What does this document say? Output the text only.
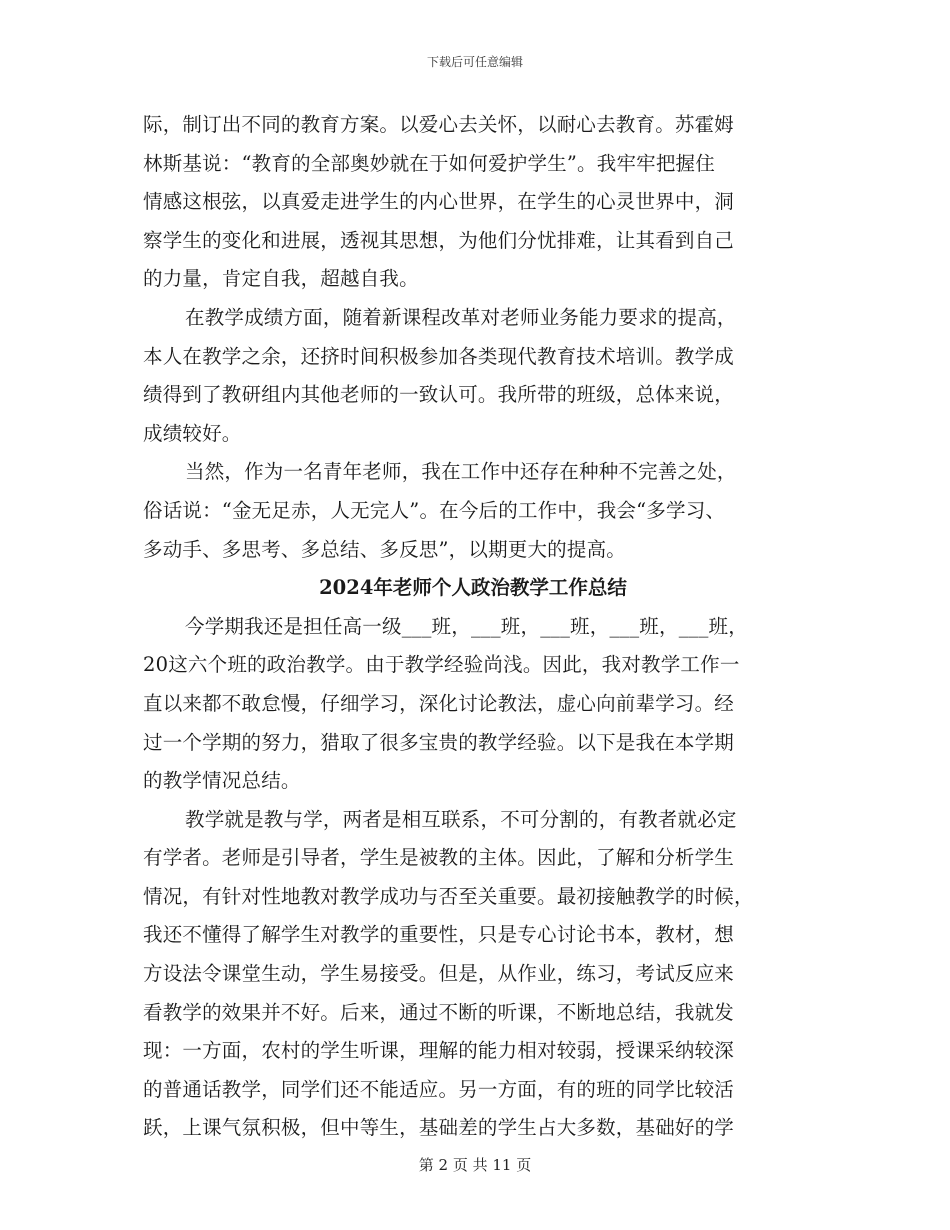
下载后可任意编辑
际，制订出不同的教育方案。以爱心去关怀，以耐心去教育。苏霍姆
林斯基说：“教育的全部奥妙就在于如何爱护学生”。我牢牢把握住
情感这根弦，以真爱走进学生的内心世界，在学生的心灵世界中，洞
察学生的变化和进展，透视其思想，为他们分忧排难，让其看到自己
的力量，肯定自我，超越自我。
在教学成绩方面，随着新课程改革对老师业务能力要求的提高，
本人在教学之余，还挤时间积极参加各类现代教育技术培训。教学成
绩得到了教研组内其他老师的一致认可。我所带的班级，总体来说，
成绩较好。
当然，作为一名青年老师，我在工作中还存在种种不完善之处，
俗话说：“金无足赤，人无完人”。在今后的工作中，我会“多学习、
多动手、多思考、多总结、多反思”，以期更大的提高。
2024年老师个人政治教学工作总结
今学期我还是担任高一级___班，___班，___班，___班，___班，
20这六个班的政治教学。由于教学经验尚浅。因此，我对教学工作一
直以来都不敢怠慢，仔细学习，深化讨论教法，虚心向前辈学习。经
过一个学期的努力，猎取了很多宝贵的教学经验。以下是我在本学期
的教学情况总结。
教学就是教与学，两者是相互联系，不可分割的，有教者就必定
有学者。老师是引导者，学生是被教的主体。因此，了解和分析学生
情况，有针对性地教对教学成功与否至关重要。最初接触教学的时候，
我还不懂得了解学生对教学的重要性，只是专心讨论书本，教材，想
方设法令课堂生动，学生易接受。但是，从作业，练习，考试反应来
看教学的效果并不好。后来，通过不断的听课，不断地总结，我就发
现：一方面，农村的学生听课，理解的能力相对较弱，授课采纳较深
的普通话教学，同学们还不能适应。另一方面，有的班的同学比较活
跃，上课气氛积极，但中等生，基础差的学生占大多数，基础好的学
第 2 页 共 11 页
